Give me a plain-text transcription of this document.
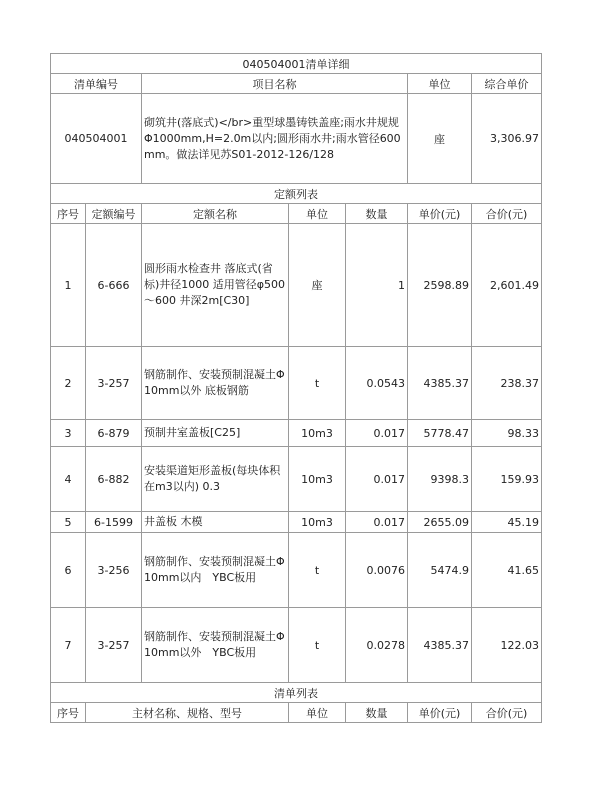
040504001清单详细						
清单编号		项目名称			单位	综合单价
040504001		砌筑井(落底式)</br>重型球墨铸铁盖座;雨水井规规Φ1000mm,H=2.0m以内;圆形雨水井;雨水管径600mm。做法详见苏S01-2012-126/128			座	3,306.97
定额列表						
序号	定额编号	定额名称	单位	数量	单价(元)	合价(元)
1	6-666	圆形雨水检查井 落底式(省标)井径1000 适用管径φ500～600 井深2m[C30]	座	1	2598.89	2,601.49
2	3-257	钢筋制作、安装预制混凝土Φ10mm以外 底板钢筋	t	0.0543	4385.37	238.37
3	6-879	预制井室盖板[C25]	10m3	0.017	5778.47	98.33
4	6-882	安装渠道矩形盖板(每块体积在m3以内) 0.3	10m3	0.017	9398.3	159.93
5	6-1599	井盖板 木模	10m3	0.017	2655.09	45.19
6	3-256	钢筋制作、安装预制混凝土Φ10mm以内　YBC板用	t	0.0076	5474.9	41.65
7	3-257	钢筋制作、安装预制混凝土Φ10mm以外　YBC板用	t	0.0278	4385.37	122.03
清单列表						
序号	主材名称、规格、型号		单位	数量	单价(元)	合价(元)
